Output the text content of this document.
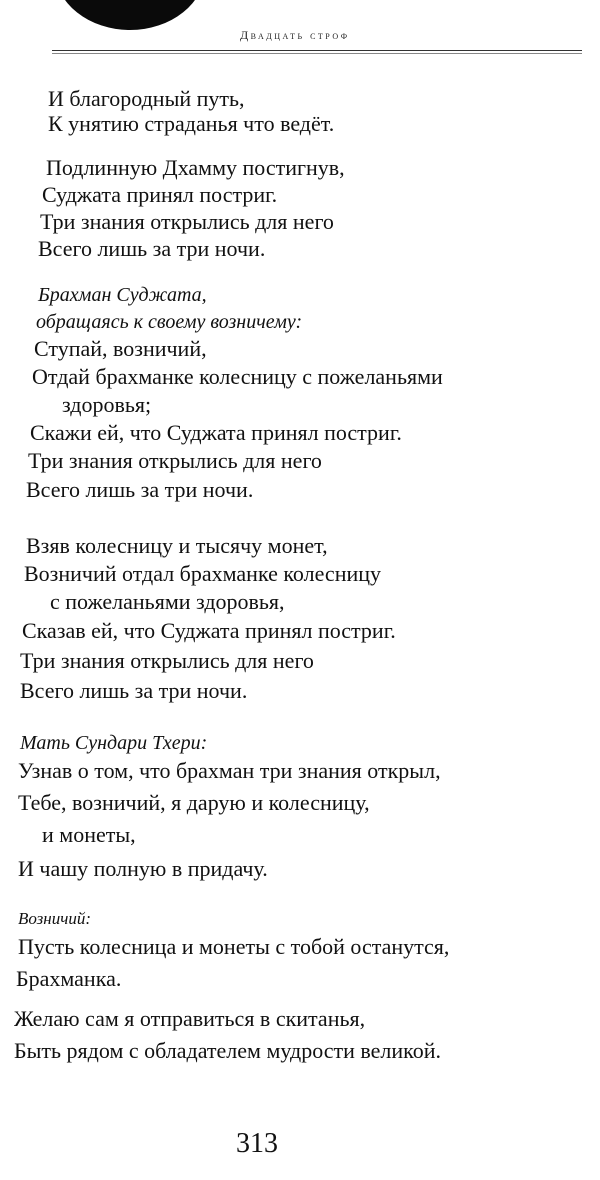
Двадцать строф
И благородный путь,
К унятию страданья что ведёт.
Подлинную Дхамму постигнув,
Суджата принял постриг.
Три знания открылись для него
Всего лишь за три ночи.
Брахман Суджата,
обращаясь к своему возничему:
Ступай, возничий,
Отдай брахманке колесницу с пожеланьями
здоровья;
Скажи ей, что Суджата принял постриг.
Три знания открылись для него
Всего лишь за три ночи.
Взяв колесницу и тысячу монет,
Возничий отдал брахманке колесницу
с пожеланьями здоровья,
Сказав ей, что Суджата принял постриг.
Три знания открылись для него
Всего лишь за три ночи.
Мать Сундари Тхери:
Узнав о том, что брахман три знания открыл,
Тебе, возничий, я дарую и колесницу,
и монеты,
И чашу полную в придачу.
Возничий:
Пусть колесница и монеты с тобой останутся,
Брахманка.
Желаю сам я отправиться в скитанья,
Быть рядом с обладателем мудрости великой.
313
